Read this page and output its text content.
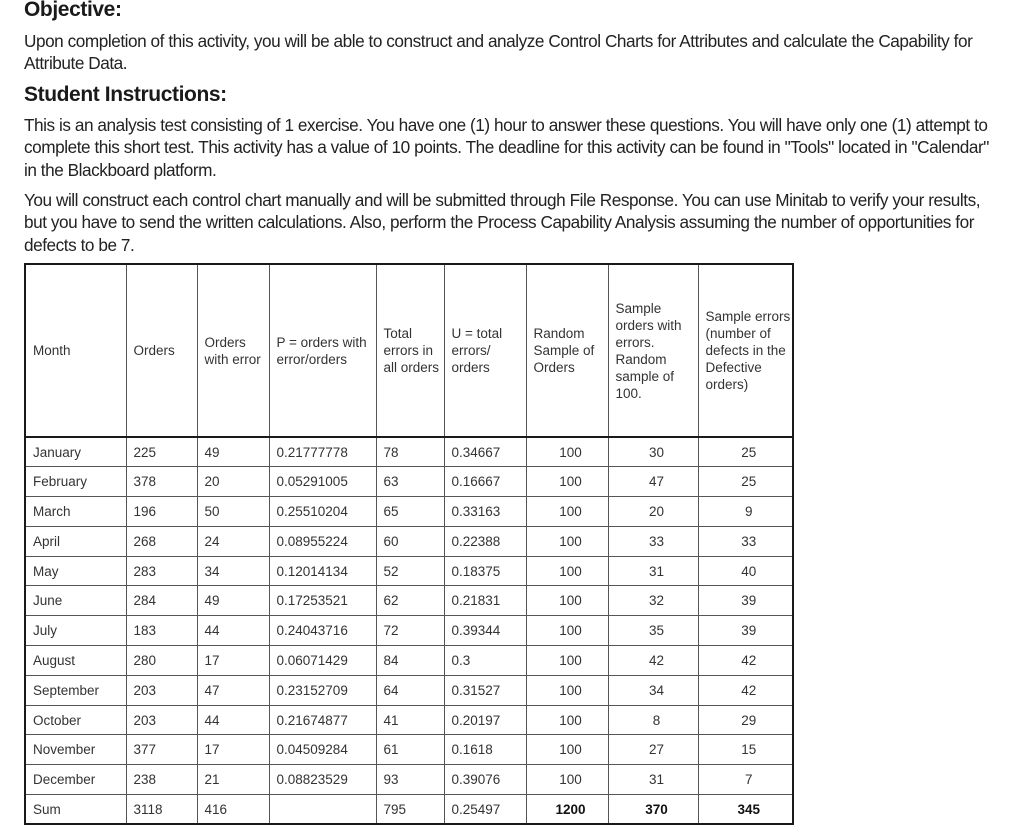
Objective:

Upon completion of this activity, you will be able to construct and analyze Control Charts for Attributes and calculate the Capability for Attribute Data.

Student Instructions:

This is an analysis test consisting of 1 exercise. You have one (1) hour to answer these questions. You will have only one (1) attempt to complete this short test. This activity has a value of 10 points. The deadline for this activity can be found in "Tools" located in "Calendar" in the Blackboard platform.

You will construct each control chart manually and will be submitted through File Response. You can use Minitab to verify your results, but you have to send the written calculations. Also, perform the Process Capability Analysis assuming the number of opportunities for defects to be 7.

Month	Orders	Orders with error	P = orders with error/orders	Total errors in all orders	U = total errors/ orders	Random Sample of Orders	Sample orders with errors. Random sample of 100.	Sample errors (number of defects in the Defective orders)
January	225	49	0.21777778	78	0.34667	100	30	25
February	378	20	0.05291005	63	0.16667	100	47	25
March	196	50	0.25510204	65	0.33163	100	20	9
April	268	24	0.08955224	60	0.22388	100	33	33
May	283	34	0.12014134	52	0.18375	100	31	40
June	284	49	0.17253521	62	0.21831	100	32	39
July	183	44	0.24043716	72	0.39344	100	35	39
August	280	17	0.06071429	84	0.3	100	42	42
September	203	47	0.23152709	64	0.31527	100	34	42
October	203	44	0.21674877	41	0.20197	100	8	29
November	377	17	0.04509284	61	0.1618	100	27	15
December	238	21	0.08823529	93	0.39076	100	31	7
Sum	3118	416		795	0.25497	1200	370	345
